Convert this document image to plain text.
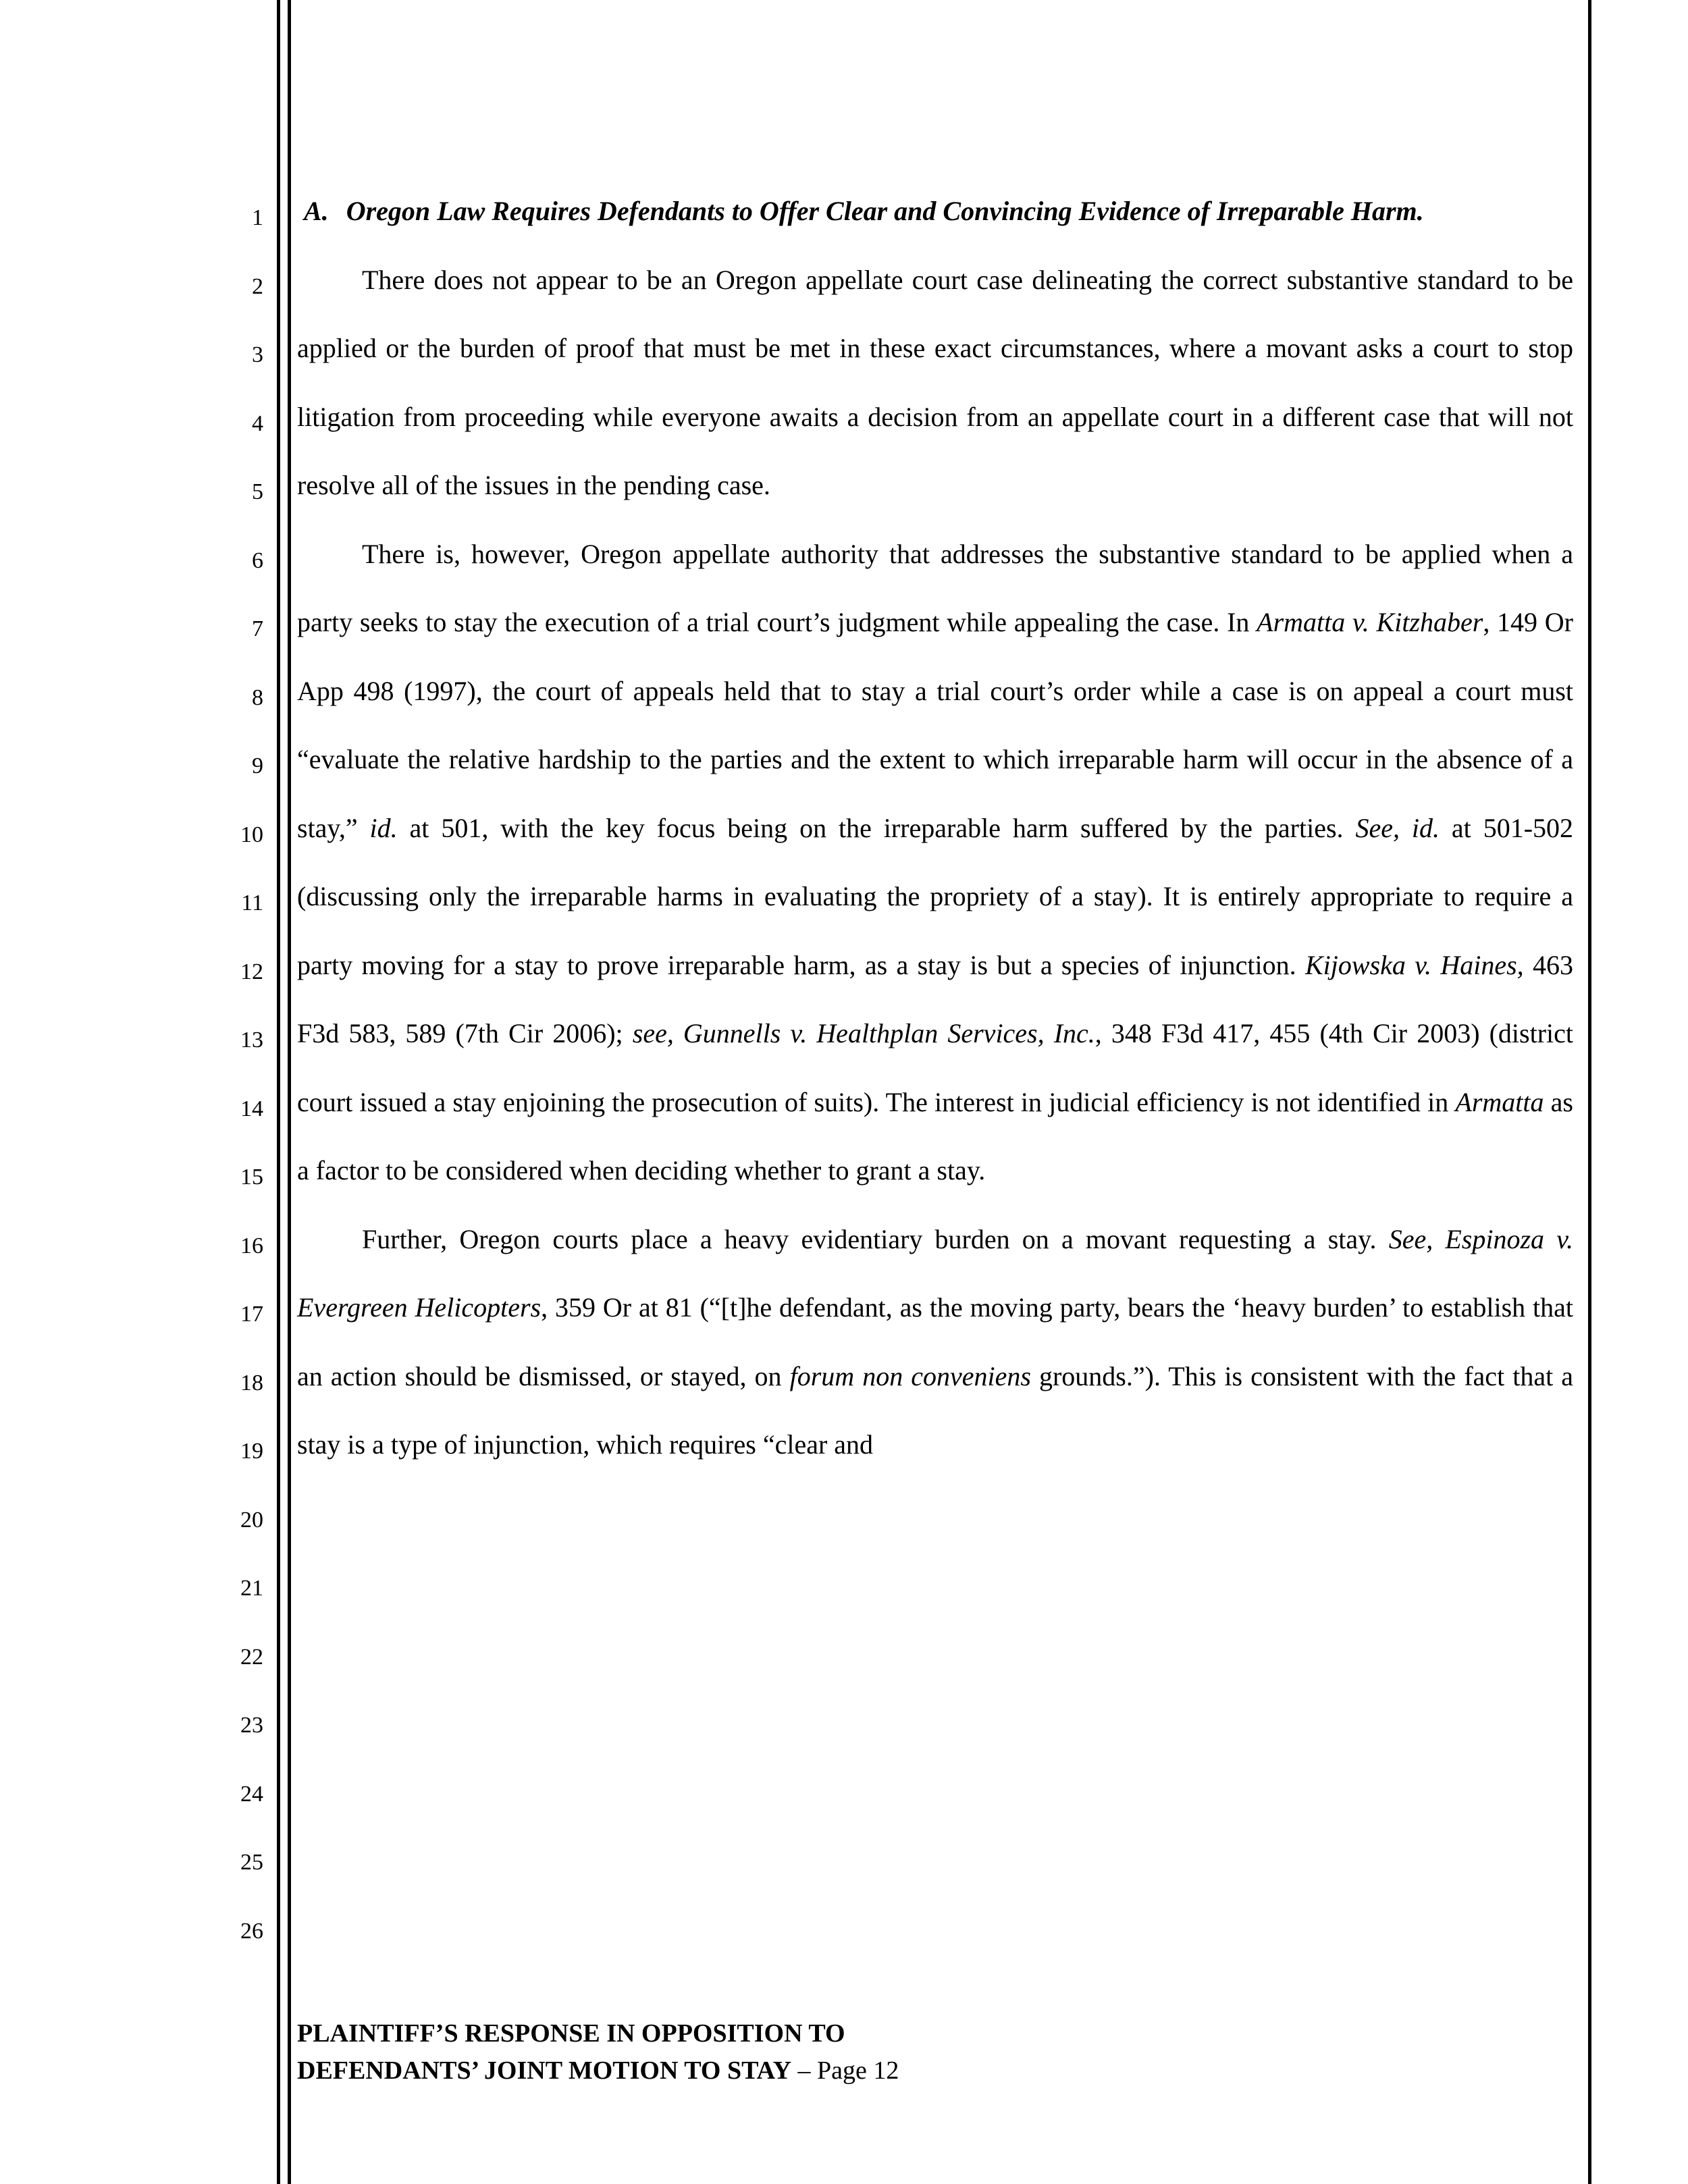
1
2
3
4
5
6
7
8
9
10
11
12
13
14
15
16
17
18
19
20
21
22
23
24
25
26
A. Oregon Law Requires Defendants to Offer Clear and Convincing Evidence of Irreparable Harm.

There does not appear to be an Oregon appellate court case delineating the correct substantive standard to be applied or the burden of proof that must be met in these exact circumstances, where a movant asks a court to stop litigation from proceeding while everyone awaits a decision from an appellate court in a different case that will not resolve all of the issues in the pending case.

There is, however, Oregon appellate authority that addresses the substantive standard to be applied when a party seeks to stay the execution of a trial court’s judgment while appealing the case. In Armatta v. Kitzhaber, 149 Or App 498 (1997), the court of appeals held that to stay a trial court’s order while a case is on appeal a court must “evaluate the relative hardship to the parties and the extent to which irreparable harm will occur in the absence of a stay,” id. at 501, with the key focus being on the irreparable harm suffered by the parties. See, id. at 501-502 (discussing only the irreparable harms in evaluating the propriety of a stay). It is entirely appropriate to require a party moving for a stay to prove irreparable harm, as a stay is but a species of injunction. Kijowska v. Haines, 463 F3d 583, 589 (7th Cir 2006); see, Gunnells v. Healthplan Services, Inc., 348 F3d 417, 455 (4th Cir 2003) (district court issued a stay enjoining the prosecution of suits). The interest in judicial efficiency is not identified in Armatta as a factor to be considered when deciding whether to grant a stay.

Further, Oregon courts place a heavy evidentiary burden on a movant requesting a stay. See, Espinoza v. Evergreen Helicopters, 359 Or at 81 (“[t]he defendant, as the moving party, bears the ‘heavy burden’ to establish that an action should be dismissed, or stayed, on forum non conveniens grounds.”). This is consistent with the fact that a stay is a type of injunction, which requires “clear and

PLAINTIFF’S RESPONSE IN OPPOSITION TO
DEFENDANTS’ JOINT MOTION TO STAY – Page 12
